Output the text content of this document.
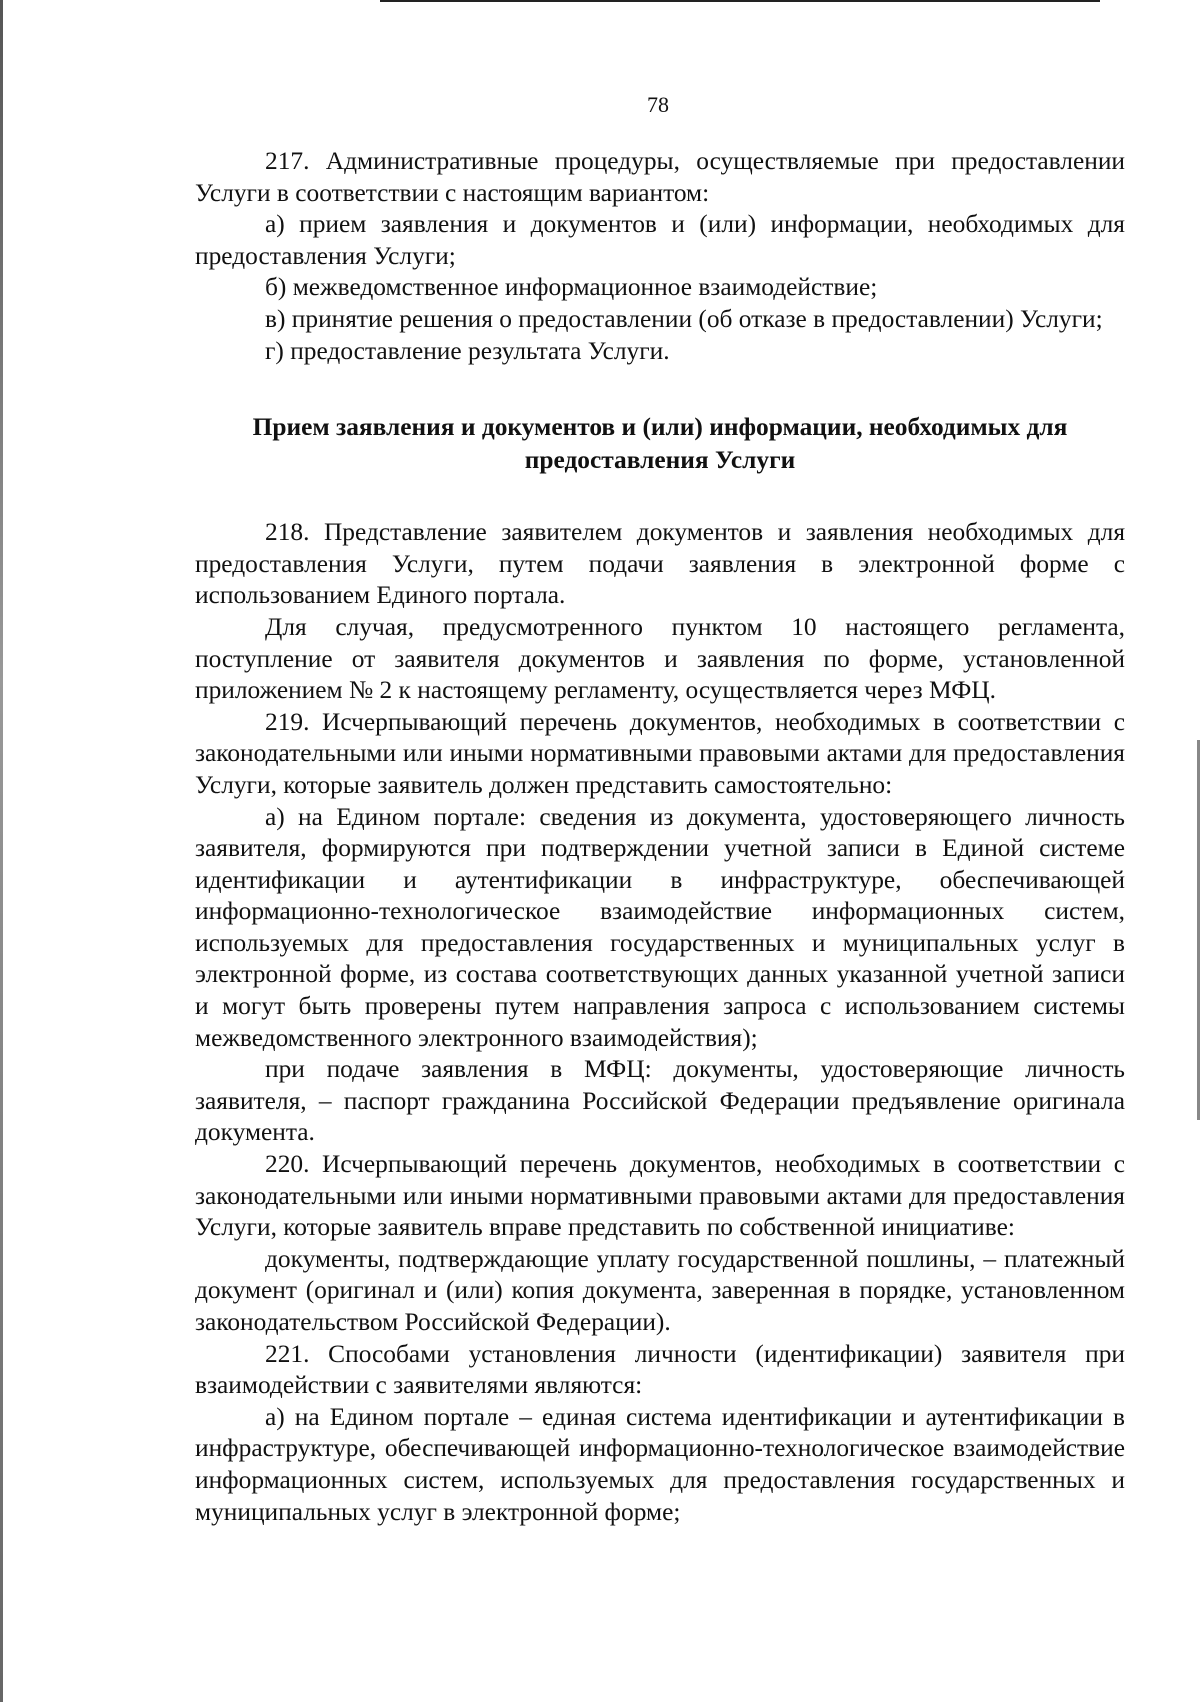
78

217. Административные процедуры, осуществляемые при предоставлении Услуги в соответствии с настоящим вариантом:

а) прием заявления и документов и (или) информации, необходимых для предоставления Услуги;

б) межведомственное информационное взаимодействие;

в) принятие решения о предоставлении (об отказе в предоставлении) Услуги;

г) предоставление результата Услуги.

Прием заявления и документов и (или) информации, необходимых для предоставления Услуги

218. Представление заявителем документов и заявления необходимых для предоставления Услуги, путем подачи заявления в электронной форме с использованием Единого портала.

Для случая, предусмотренного пунктом 10 настоящего регламента, поступление от заявителя документов и заявления по форме, установленной приложением № 2 к настоящему регламенту, осуществляется через МФЦ.

219. Исчерпывающий перечень документов, необходимых в соответствии с законодательными или иными нормативными правовыми актами для предоставления Услуги, которые заявитель должен представить самостоятельно:

а) на Едином портале: сведения из документа, удостоверяющего личность заявителя, формируются при подтверждении учетной записи в Единой системе идентификации и аутентификации в инфраструктуре, обеспечивающей информационно-технологическое взаимодействие информационных систем, используемых для предоставления государственных и муниципальных услуг в электронной форме, из состава соответствующих данных указанной учетной записи и могут быть проверены путем направления запроса с использованием системы межведомственного электронного взаимодействия);

при подаче заявления в МФЦ: документы, удостоверяющие личность заявителя, – паспорт гражданина Российской Федерации предъявление оригинала документа.

220. Исчерпывающий перечень документов, необходимых в соответствии с законодательными или иными нормативными правовыми актами для предоставления Услуги, которые заявитель вправе представить по собственной инициативе:

документы, подтверждающие уплату государственной пошлины, – платежный документ (оригинал и (или) копия документа, заверенная в порядке, установленном законодательством Российской Федерации).

221. Способами установления личности (идентификации) заявителя при взаимодействии с заявителями являются:

а) на Едином портале – единая система идентификации и аутентификации в инфраструктуре, обеспечивающей информационно-технологическое взаимодействие информационных систем, используемых для предоставления государственных и муниципальных услуг в электронной форме;
